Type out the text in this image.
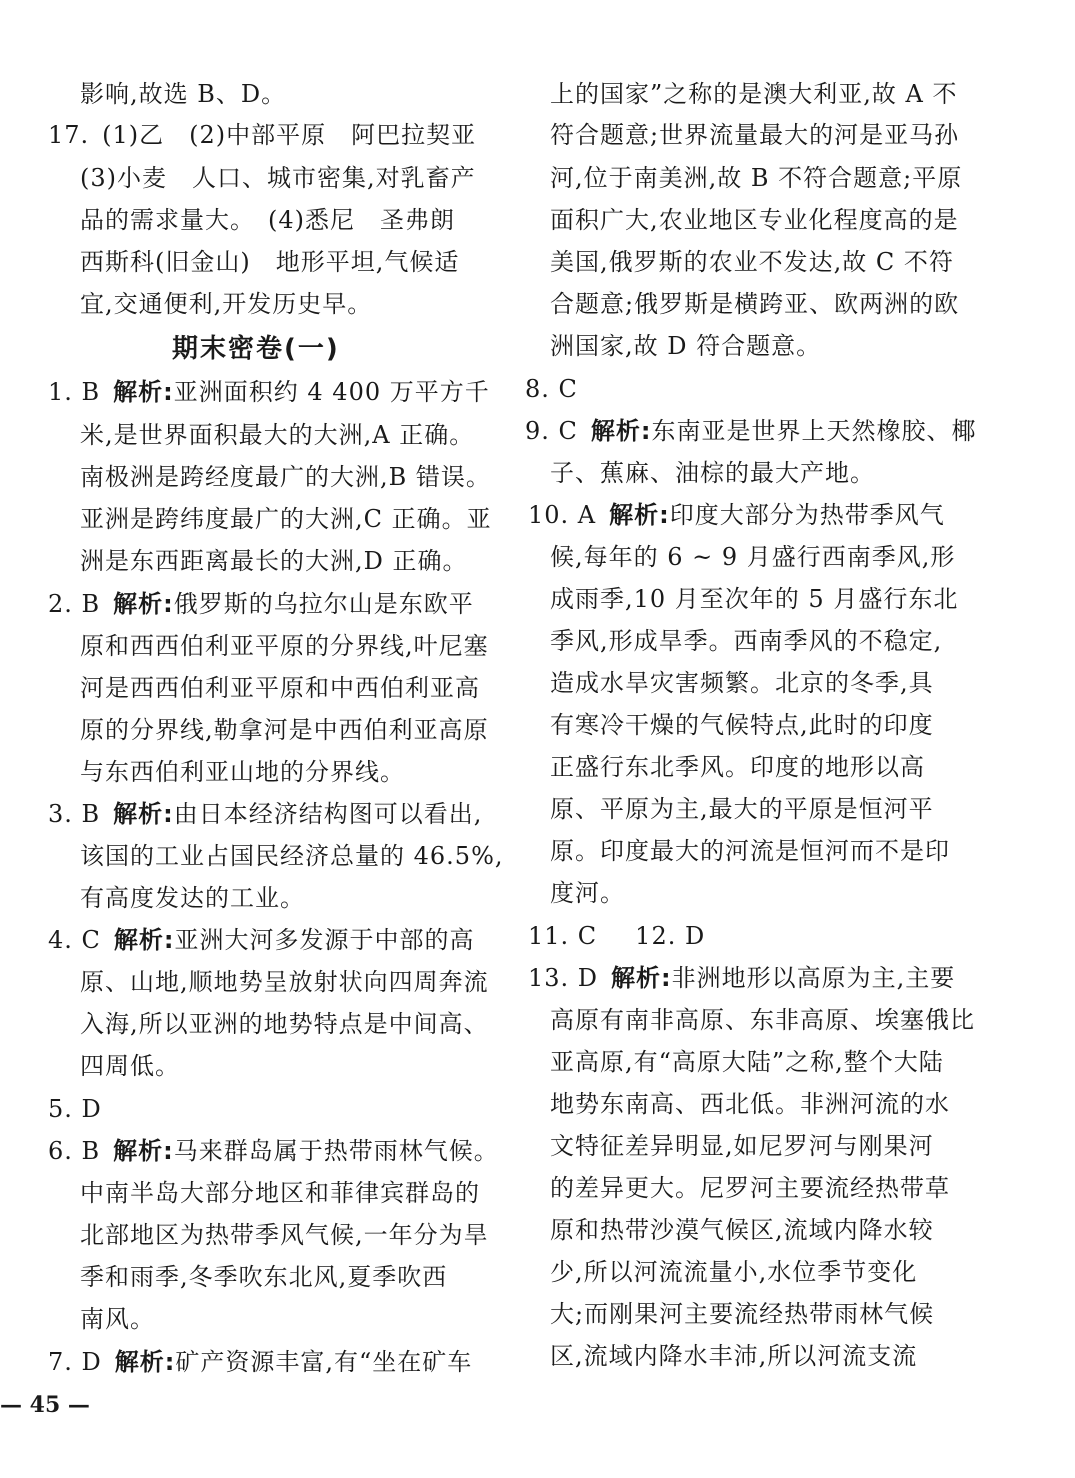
影响,故选 B、D。
17.  (1)乙　(2)中部平原　阿巴拉契亚
(3)小麦　人口、城市密集,对乳畜产
品的需求量大。　(4)悉尼　圣弗朗
西斯科(旧金山)　地形平坦,气候适
宜,交通便利,开发历史早。
期末密卷(一)
1. B  解析:亚洲面积约 4 400 万平方千
米,是世界面积最大的大洲,A 正确。
南极洲是跨经度最广的大洲,B 错误。
亚洲是跨纬度最广的大洲,C 正确。亚
洲是东西距离最长的大洲,D 正确。
2. B  解析:俄罗斯的乌拉尔山是东欧平
原和西西伯利亚平原的分界线,叶尼塞
河是西西伯利亚平原和中西伯利亚高
原的分界线,勒拿河是中西伯利亚高原
与东西伯利亚山地的分界线。
3. B  解析:由日本经济结构图可以看出,
该国的工业占国民经济总量的 46.5%,
有高度发达的工业。
4. C  解析:亚洲大河多发源于中部的高
原、山地,顺地势呈放射状向四周奔流
入海,所以亚洲的地势特点是中间高、
四周低。
5. D
6. B  解析:马来群岛属于热带雨林气候。
中南半岛大部分地区和菲律宾群岛的
北部地区为热带季风气候,一年分为旱
季和雨季,冬季吹东北风,夏季吹西
南风。
7. D  解析:矿产资源丰富,有“坐在矿车
上的国家”之称的是澳大利亚,故 A 不
符合题意;世界流量最大的河是亚马孙
河,位于南美洲,故 B 不符合题意;平原
面积广大,农业地区专业化程度高的是
美国,俄罗斯的农业不发达,故 C 不符
合题意;俄罗斯是横跨亚、欧两洲的欧
洲国家,故 D 符合题意。
8. C
9. C  解析:东南亚是世界上天然橡胶、椰
子、蕉麻、油棕的最大产地。
10. A  解析:印度大部分为热带季风气
候,每年的 6 ~ 9 月盛行西南季风,形
成雨季,10 月至次年的 5 月盛行东北
季风,形成旱季。西南季风的不稳定,
造成水旱灾害频繁。北京的冬季,具
有寒冷干燥的气候特点,此时的印度
正盛行东北季风。印度的地形以高
原、平原为主,最大的平原是恒河平
原。印度最大的河流是恒河而不是印
度河。
11. C 　12. D
13. D  解析:非洲地形以高原为主,主要
高原有南非高原、东非高原、埃塞俄比
亚高原,有“高原大陆”之称,整个大陆
地势东南高、西北低。非洲河流的水
文特征差异明显,如尼罗河与刚果河
的差异更大。尼罗河主要流经热带草
原和热带沙漠气候区,流域内降水较
少,所以河流流量小,水位季节变化
大;而刚果河主要流经热带雨林气候
区,流域内降水丰沛,所以河流支流
— 45 —
